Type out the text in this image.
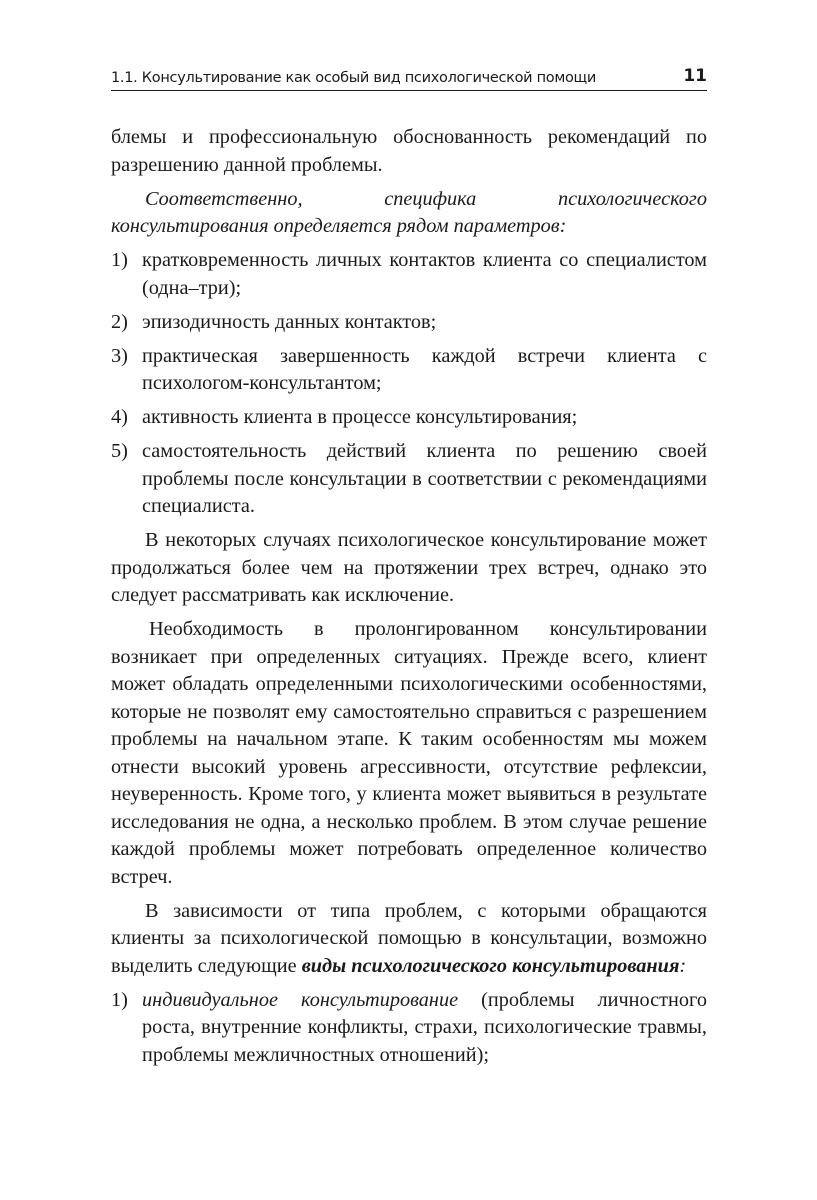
1.1. Консультирование как особый вид психологической помощи	11

блемы и профессиональную обоснованность рекомендаций по разрешению данной проблемы.

Соответственно, специфика психологического консультирования определяется рядом параметров:

1) кратковременность личных контактов клиента со специалистом (одна–три);
2) эпизодичность данных контактов;
3) практическая завершенность каждой встречи клиента с психологом-консультантом;
4) активность клиента в процессе консультирования;
5) самостоятельность действий клиента по решению своей проблемы после консультации в соответствии с рекомендациями специалиста.

В некоторых случаях психологическое консультирование может продолжаться более чем на протяжении трех встреч, однако это следует рассматривать как исключение.

Необходимость в пролонгированном консультировании возникает при определенных ситуациях. Прежде всего, клиент может обладать определенными психологическими особенностями, которые не позволят ему самостоятельно справиться с разрешением проблемы на начальном этапе. К таким особенностям мы можем отнести высокий уровень агрессивности, отсутствие рефлексии, неуверенность. Кроме того, у клиента может выявиться в результате исследования не одна, а несколько проблем. В этом случае решение каждой проблемы может потребовать определенное количество встреч.

В зависимости от типа проблем, с которыми обращаются клиенты за психологической помощью в консультации, возможно выделить следующие виды психологического консультирования:

1) индивидуальное консультирование (проблемы личностного роста, внутренние конфликты, страхи, психологические травмы, проблемы межличностных отношений);
